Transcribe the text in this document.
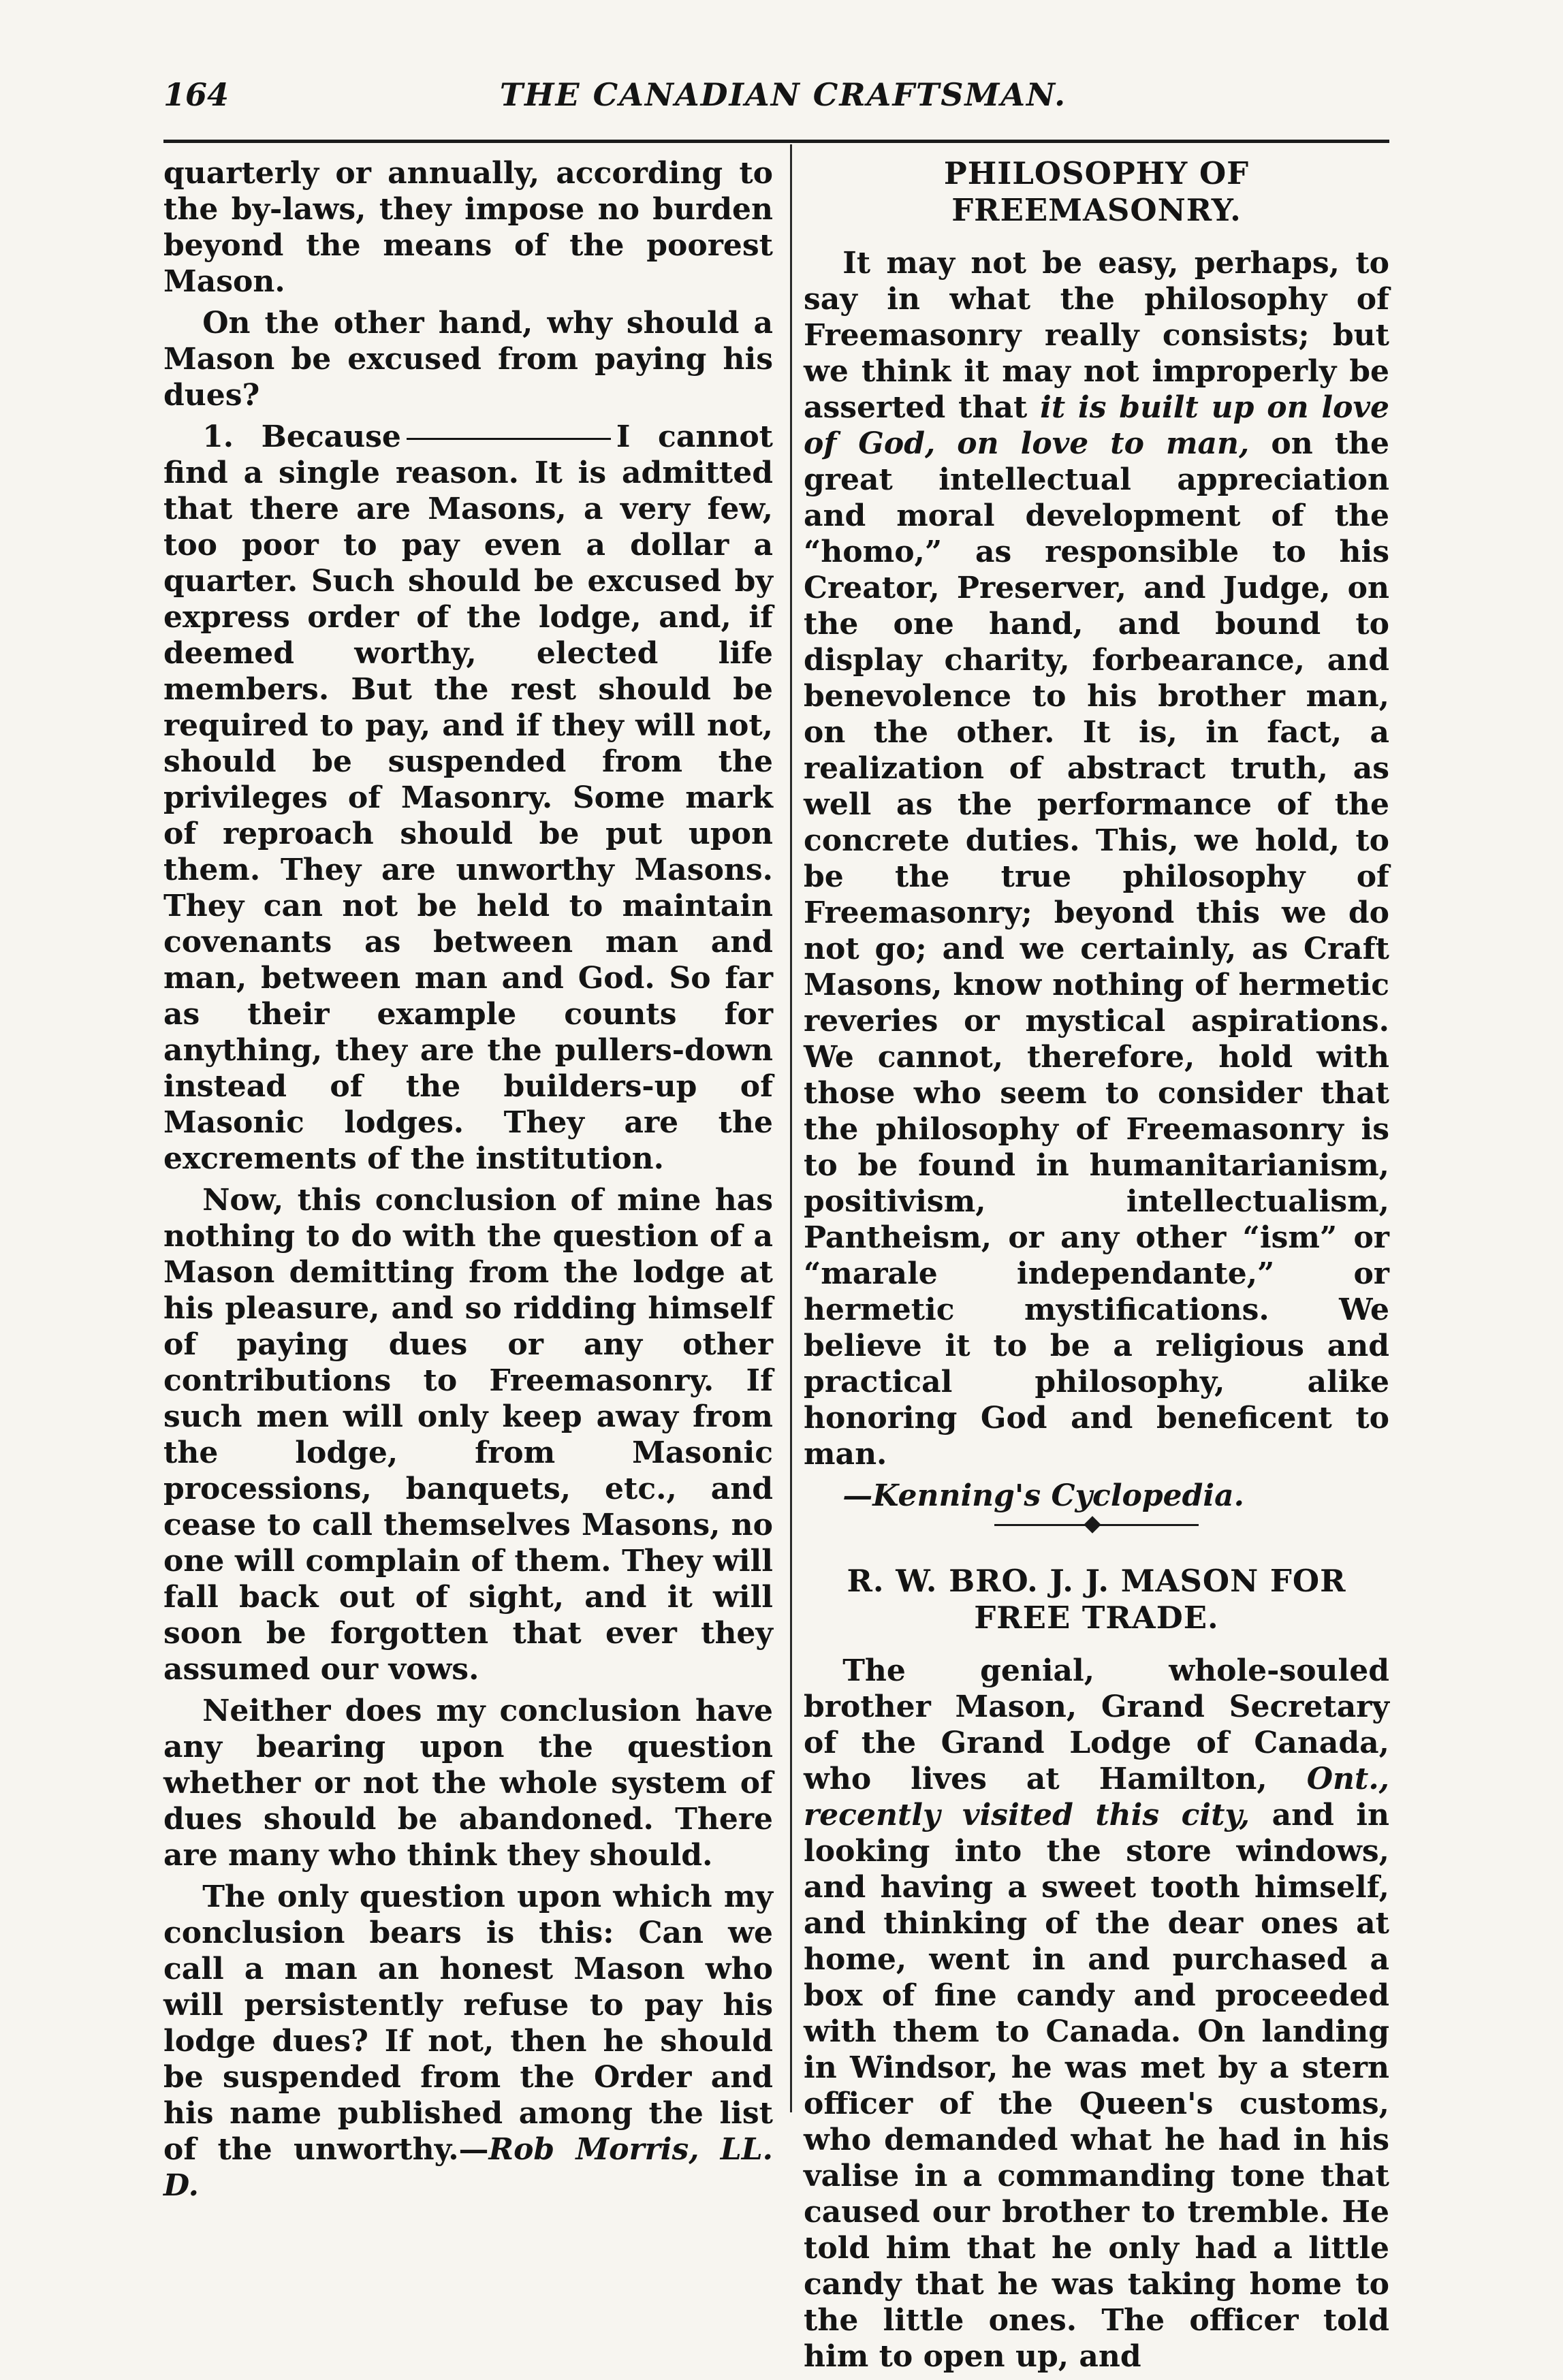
164	THE CANADIAN CRAFTSMAN.

quarterly or annually, according to the by-laws, they impose no burden beyond the means of the poorest Mason.

On the other hand, why should a Mason be excused from paying his dues?

1. Because	I cannot find a single reason. It is admitted that there are Masons, a very few, too poor to pay even a dollar a quarter. Such should be excused by express order of the lodge, and, if deemed worthy, elected life members. But the rest should be required to pay, and if they will not, should be suspended from the privileges of Masonry. Some mark of reproach should be put upon them. They are unworthy Masons. They can not be held to maintain covenants as between man and man, between man and God. So far as their example counts for anything, they are the pullers-down instead of the builders-up of Masonic lodges. They are the excrements of the institution.

Now, this conclusion of mine has nothing to do with the question of a Mason demitting from the lodge at his pleasure, and so ridding himself of paying dues or any other contributions to Freemasonry. If such men will only keep away from the lodge, from Masonic processions, banquets, etc., and cease to call themselves Masons, no one will complain of them. They will fall back out of sight, and it will soon be forgotten that ever they assumed our vows.

Neither does my conclusion have any bearing upon the question whether or not the whole system of dues should be abandoned. There are many who think they should.

The only question upon which my conclusion bears is this: Can we call a man an honest Mason who will persistently refuse to pay his lodge dues? If not, then he should be suspended from the Order and his name published among the list of the unworthy.—Rob Morris, LL. D.

PHILOSOPHY OF FREEMASONRY.

It may not be easy, perhaps, to say in what the philosophy of Freemasonry really consists; but we think it may not improperly be asserted that it is built up on love of God, on love to man, on the great intellectual appreciation and moral development of the “homo,” as responsible to his Creator, Preserver, and Judge, on the one hand, and bound to display charity, forbearance, and benevolence to his brother man, on the other. It is, in fact, a realization of abstract truth, as well as the performance of the concrete duties. This, we hold, to be the true philosophy of Freemasonry; beyond this we do not go; and we certainly, as Craft Masons, know nothing of hermetic reveries or mystical aspirations. We cannot, therefore, hold with those who seem to consider that the philosophy of Freemasonry is to be found in humanitarianism, positivism, intellectualism, Pantheism, or any other “ism” or “marale independante,” or hermetic mystifications. We believe it to be a religious and practical philosophy, alike honoring God and beneficent to man.

—Kenning's Cyclopedia.

R. W. BRO. J. J. MASON FOR FREE TRADE.

The genial, whole-souled brother Mason, Grand Secretary of the Grand Lodge of Canada, who lives at Hamilton, Ont., recently visited this city, and in looking into the store windows, and having a sweet tooth himself, and thinking of the dear ones at home, went in and purchased a box of fine candy and proceeded with them to Canada. On landing in Windsor, he was met by a stern officer of the Queen's customs, who demanded what he had in his valise in a commanding tone that caused our brother to tremble. He told him that he only had a little candy that he was taking home to the little ones. The officer told him to open up, and
